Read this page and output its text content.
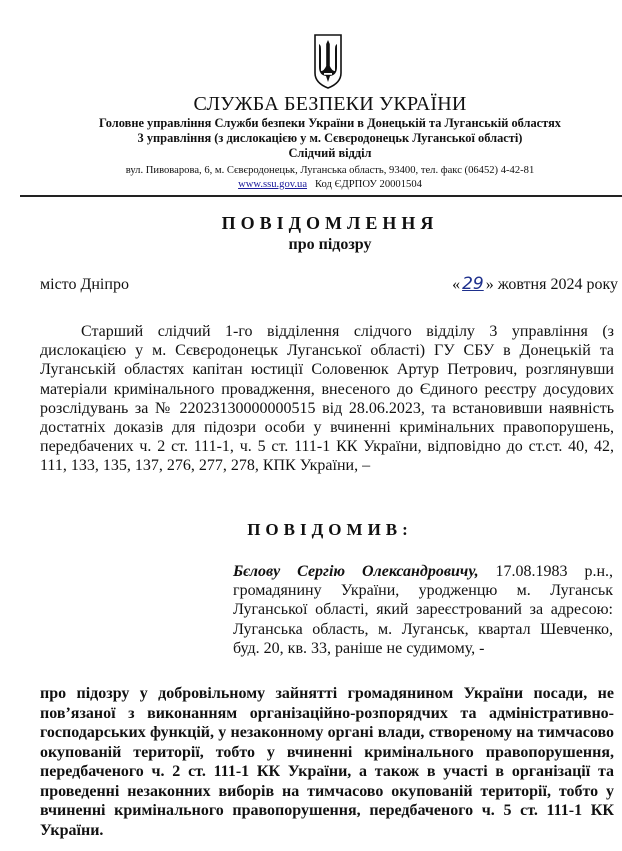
СЛУЖБА БЕЗПЕКИ УКРАЇНИ
Головне управління Служби безпеки України в Донецькій та Луганській областях
3 управління (з дислокацією у м. Сєвєродонецьк Луганської області)
Слідчий відділ
вул. Пивоварова, 6, м. Сєвєродонецьк, Луганська область, 93400, тел. факс (06452) 4-42-81
www.ssu.gov.ua Код ЄДРПОУ 20001504
ПОВІДОМЛЕННЯ
про підозру
місто Дніпро	« 29 » жовтня 2024 року
Старший слідчий 1-го відділення слідчого відділу 3 управління (з дислокацією у м. Сєвєродонецьк Луганської області) ГУ СБУ в Донецькій та Луганській областях капітан юстиції Соловенюк Артур Петрович, розглянувши матеріали кримінального провадження, внесеного до Єдиного реєстру досудових розслідувань за № 22023130000000515 від 28.06.2023, та встановивши наявність достатніх доказів для підозри особи у вчиненні кримінальних правопорушень, передбачених ч. 2 ст. 111-1, ч. 5 ст. 111-1 КК України, відповідно до ст.ст. 40, 42, 111, 133, 135, 137, 276, 277, 278, КПК України, –
ПОВІДОМИВ:
Бєлову Сергію Олександровичу, 17.08.1983 р.н., громадянину України, уродженцю м. Луганськ Луганської області, який зареєстрований за адресою: Луганська область, м. Луганськ, квартал Шевченко, буд. 20, кв. 33, раніше не судимому, -
про підозру у добровільному зайнятті громадянином України посади, не пов’язаної з виконанням організаційно-розпорядчих та адміністративно-господарських функцій, у незаконному органі влади, створеному на тимчасово окупованій території, тобто у вчиненні кримінального правопорушення, передбаченого ч. 2 ст. 111-1 КК України, а також в участі в організації та проведенні незаконних виборів на тимчасово окупованій території, тобто у вчиненні кримінального правопорушення, передбаченого ч. 5 ст. 111-1 КК України.
